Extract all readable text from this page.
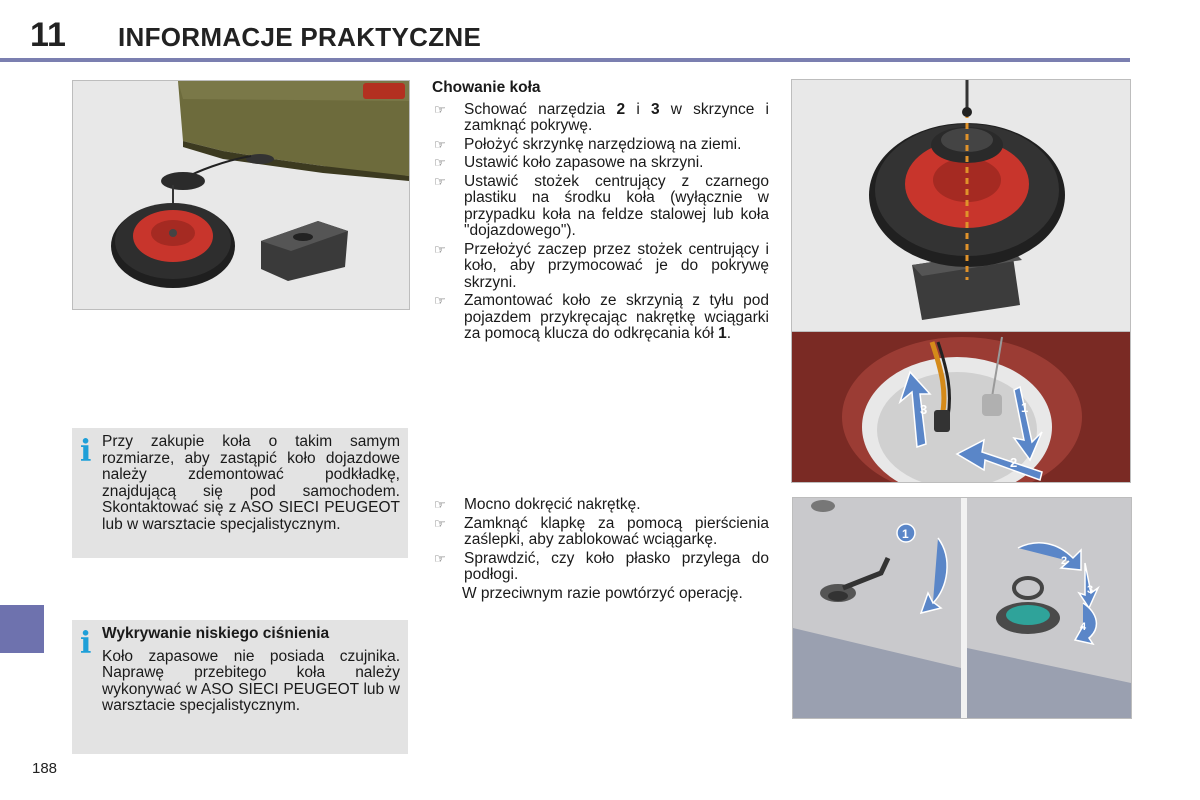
11 INFORMACJE PRAKTYCZNE
188
3	1
2
1
2
3
4
Chowanie koła
☞	Schować narzędzia 2 i 3 w skrzynce i zamknąć pokrywę.
☞	Położyć skrzynkę narzędziową na ziemi.
☞	Ustawić koło zapasowe na skrzyni.
☞	Ustawić stożek centrujący z czarnego plastiku na środku koła (wyłącznie w przypadku koła na feldze stalowej lub koła "dojazdowego").
☞	Przełożyć zaczep przez stożek centrujący i koło, aby przymocować je do pokrywę skrzyni.
☞	Zamontować koło ze skrzynią z tyłu pod pojazdem przykręcając nakrętkę wciągarki za pomocą klucza do odkręcania kół 1.
☞	Mocno dokręcić nakrętkę.
☞	Zamknąć klapkę za pomocą pierścienia zaślepki, aby zablokować wciągarkę.
☞	Sprawdzić, czy koło płasko przylega do podłogi.
W przeciwnym razie powtórzyć operację.
i Przy zakupie koła o takim samym rozmiarze, aby zastąpić koło dojazdowe należy zdemontować podkładkę, znajdującą się pod samochodem. Skontaktować się z ASO SIECI PEUGEOT lub w warsztacie specjalistycznym.
i Wykrywanie niskiego ciśnienia
Koło zapasowe nie posiada czujnika. Naprawę przebitego koła należy wykonywać w ASO SIECI PEUGEOT lub w warsztacie specjalistycznym.
